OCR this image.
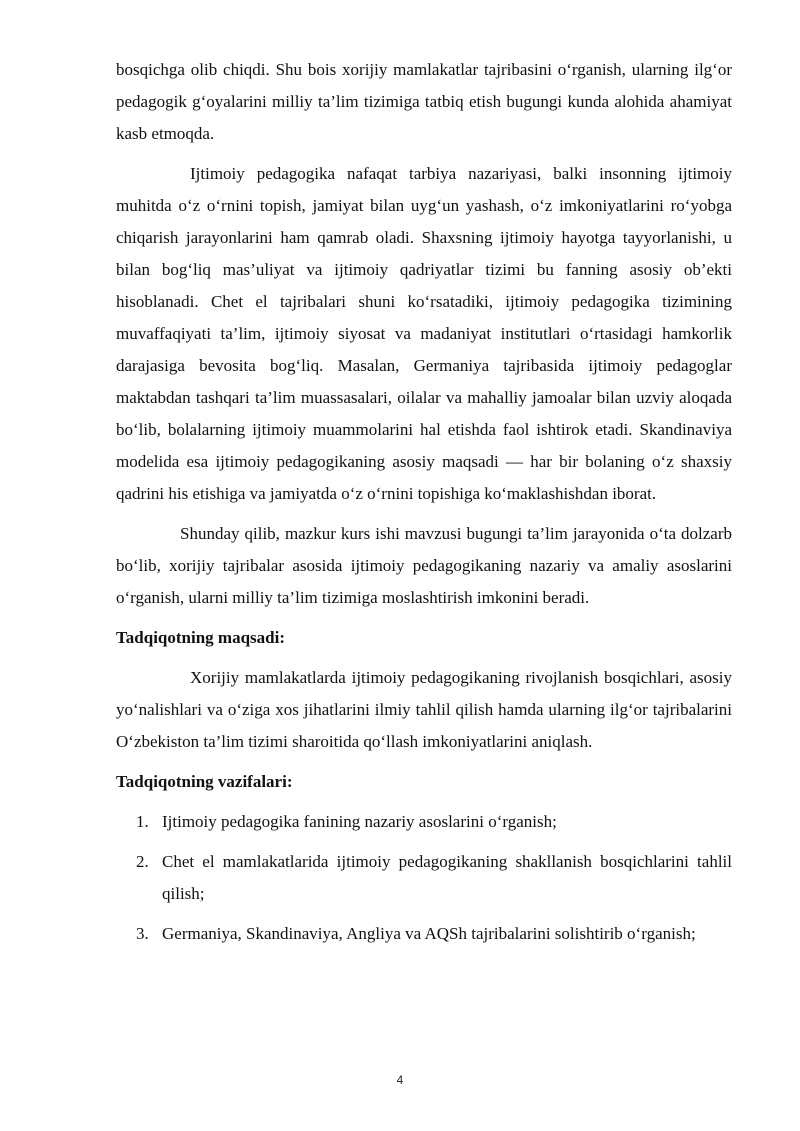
bosqichga olib chiqdi. Shu bois xorijiy mamlakatlar tajribasini o‘rganish, ularning ilg‘or pedagogik g‘oyalarini milliy ta’lim tizimiga tatbiq etish bugungi kunda alohida ahamiyat kasb etmoqda.

Ijtimoiy pedagogika nafaqat tarbiya nazariyasi, balki insonning ijtimoiy muhitda o‘z o‘rnini topish, jamiyat bilan uyg‘un yashash, o‘z imkoniyatlarini ro‘yobga chiqarish jarayonlarini ham qamrab oladi. Shaxsning ijtimoiy hayotga tayyorlanishi, u bilan bog‘liq mas’uliyat va ijtimoiy qadriyatlar tizimi bu fanning asosiy ob’ekti hisoblanadi. Chet el tajribalari shuni ko‘rsatadiki, ijtimoiy pedagogika tizimining muvaffaqiyati ta’lim, ijtimoiy siyosat va madaniyat institutlari o‘rtasidagi hamkorlik darajasiga bevosita bog‘liq. Masalan, Germaniya tajribasida ijtimoiy pedagoglar maktabdan tashqari ta’lim muassasalari, oilalar va mahalliy jamoalar bilan uzviy aloqada bo‘lib, bolalarning ijtimoiy muammolarini hal etishda faol ishtirok etadi. Skandinaviya modelida esa ijtimoiy pedagogikaning asosiy maqsadi — har bir bolaning o‘z shaxsiy qadrini his etishiga va jamiyatda o‘z o‘rnini topishiga ko‘maklashishdan iborat.

Shunday qilib, mazkur kurs ishi mavzusi bugungi ta’lim jarayonida o‘ta dolzarb bo‘lib, xorijiy tajribalar asosida ijtimoiy pedagogikaning nazariy va amaliy asoslarini o‘rganish, ularni milliy ta’lim tizimiga moslashtirish imkonini beradi.

Tadqiqotning maqsadi:

Xorijiy mamlakatlarda ijtimoiy pedagogikaning rivojlanish bosqichlari, asosiy yo‘nalishlari va o‘ziga xos jihatlarini ilmiy tahlil qilish hamda ularning ilg‘or tajribalarini O‘zbekiston ta’lim tizimi sharoitida qo‘llash imkoniyatlarini aniqlash.

Tadqiqotning vazifalari:
1. Ijtimoiy pedagogika fanining nazariy asoslarini o‘rganish;
2. Chet el mamlakatlarida ijtimoiy pedagogikaning shakllanish bosqichlarini tahlil qilish;
3. Germaniya, Skandinaviya, Angliya va AQSh tajribalarini solishtirib o‘rganish;
4
